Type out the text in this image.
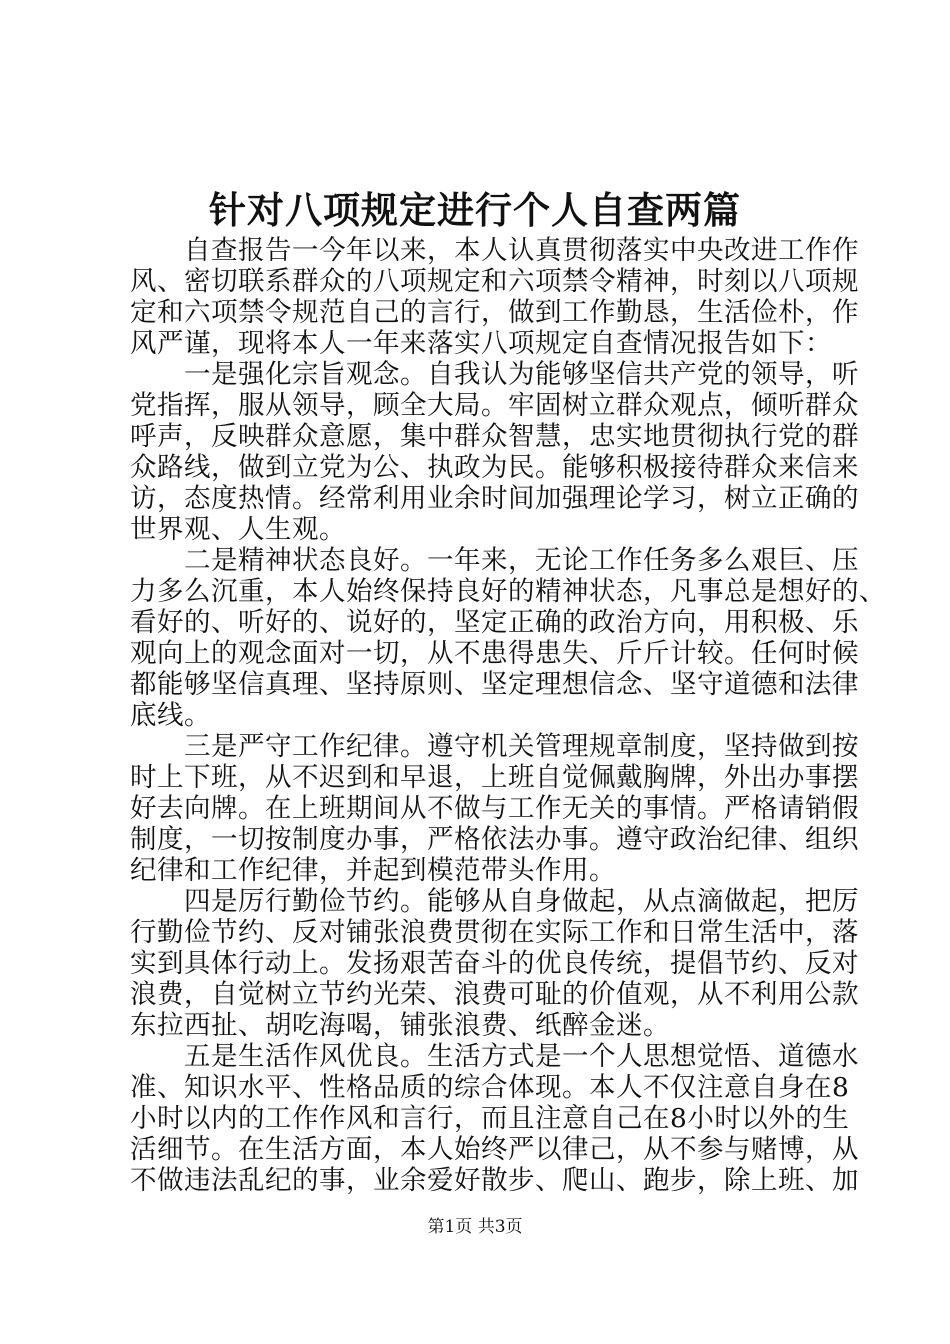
针对八项规定进行个人自查两篇
自查报告一今年以来，本人认真贯彻落实中央改进工作作
风、密切联系群众的八项规定和六项禁令精神，时刻以八项规
定和六项禁令规范自己的言行，做到工作勤恳，生活俭朴，作
风严谨，现将本人一年来落实八项规定自查情况报告如下：
一是强化宗旨观念。自我认为能够坚信共产党的领导，听
党指挥，服从领导，顾全大局。牢固树立群众观点，倾听群众
呼声，反映群众意愿，集中群众智慧，忠实地贯彻执行党的群
众路线，做到立党为公、执政为民。能够积极接待群众来信来
访，态度热情。经常利用业余时间加强理论学习，树立正确的
世界观、人生观。
二是精神状态良好。一年来，无论工作任务多么艰巨、压
力多么沉重，本人始终保持良好的精神状态，凡事总是想好的、
看好的、听好的、说好的，坚定正确的政治方向，用积极、乐
观向上的观念面对一切，从不患得患失、斤斤计较。任何时候
都能够坚信真理、坚持原则、坚定理想信念、坚守道德和法律
底线。
三是严守工作纪律。遵守机关管理规章制度，坚持做到按
时上下班，从不迟到和早退，上班自觉佩戴胸牌，外出办事摆
好去向牌。在上班期间从不做与工作无关的事情。严格请销假
制度，一切按制度办事，严格依法办事。遵守政治纪律、组织
纪律和工作纪律，并起到模范带头作用。
四是厉行勤俭节约。能够从自身做起，从点滴做起，把厉
行勤俭节约、反对铺张浪费贯彻在实际工作和日常生活中，落
实到具体行动上。发扬艰苦奋斗的优良传统，提倡节约、反对
浪费，自觉树立节约光荣、浪费可耻的价值观，从不利用公款
东拉西扯、胡吃海喝，铺张浪费、纸醉金迷。
五是生活作风优良。生活方式是一个人思想觉悟、道德水
准、知识水平、性格品质的综合体现。本人不仅注意自身在8
小时以内的工作作风和言行，而且注意自己在8小时以外的生
活细节。在生活方面，本人始终严以律己，从不参与赌博，从
不做违法乱纪的事，业余爱好散步、爬山、跑步，除上班、加
第1页 共3页
